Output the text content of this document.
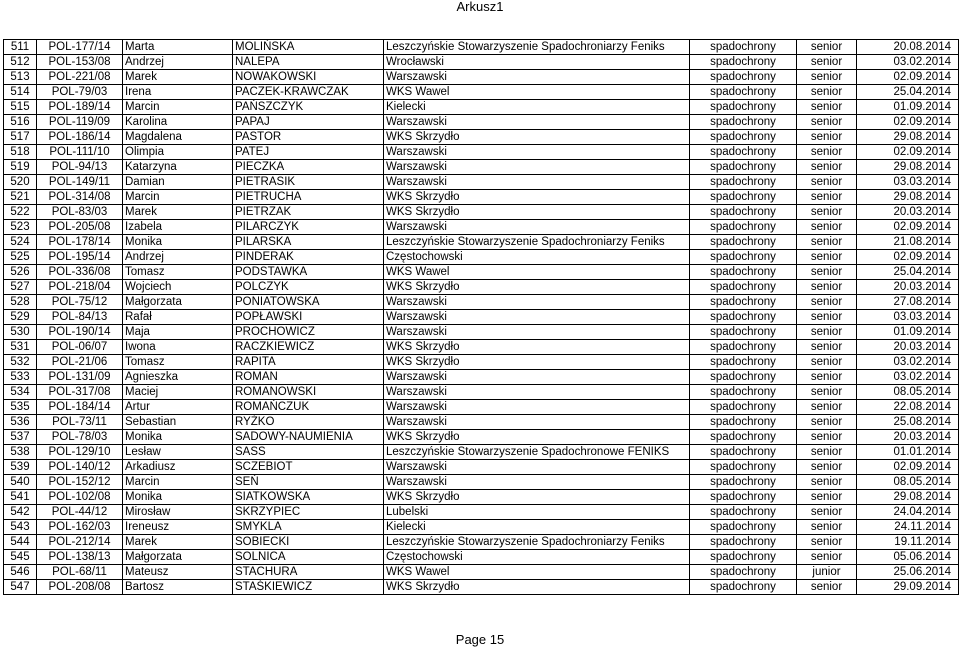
Arkusz1
511	POL-177/14	Marta	MOLIŃSKA	Leszczyńskie Stowarzyszenie Spadochroniarzy Feniks	spadochrony	senior	20.08.2014
512	POL-153/08	Andrzej	NALEPA	Wrocławski	spadochrony	senior	03.02.2014
513	POL-221/08	Marek	NOWAKOWSKI	Warszawski	spadochrony	senior	02.09.2014
514	POL-79/03	Irena	PACZEK-KRAWCZAK	WKS Wawel	spadochrony	senior	25.04.2014
515	POL-189/14	Marcin	PAŃSZCZYK	Kielecki	spadochrony	senior	01.09.2014
516	POL-119/09	Karolina	PAPAJ	Warszawski	spadochrony	senior	02.09.2014
517	POL-186/14	Magdalena	PASTOR	WKS Skrzydło	spadochrony	senior	29.08.2014
518	POL-111/10	Olimpia	PATEJ	Warszawski	spadochrony	senior	02.09.2014
519	POL-94/13	Katarzyna	PIECZKA	Warszawski	spadochrony	senior	29.08.2014
520	POL-149/11	Damian	PIETRASIK	Warszawski	spadochrony	senior	03.03.2014
521	POL-314/08	Marcin	PIETRUCHA	WKS Skrzydło	spadochrony	senior	29.08.2014
522	POL-83/03	Marek	PIETRZAK	WKS Skrzydło	spadochrony	senior	20.03.2014
523	POL-205/08	Izabela	PILARCZYK	Warszawski	spadochrony	senior	02.09.2014
524	POL-178/14	Monika	PILARSKA	Leszczyńskie Stowarzyszenie Spadochroniarzy Feniks	spadochrony	senior	21.08.2014
525	POL-195/14	Andrzej	PINDERAK	Częstochowski	spadochrony	senior	02.09.2014
526	POL-336/08	Tomasz	PODSTAWKA	WKS Wawel	spadochrony	senior	25.04.2014
527	POL-218/04	Wojciech	POLCZYK	WKS Skrzydło	spadochrony	senior	20.03.2014
528	POL-75/12	Małgorzata	PONIATOWSKA	Warszawski	spadochrony	senior	27.08.2014
529	POL-84/13	Rafał	POPŁAWSKI	Warszawski	spadochrony	senior	03.03.2014
530	POL-190/14	Maja	PROCHOWICZ	Warszawski	spadochrony	senior	01.09.2014
531	POL-06/07	Iwona	RACZKIEWICZ	WKS Skrzydło	spadochrony	senior	20.03.2014
532	POL-21/06	Tomasz	RAPITA	WKS Skrzydło	spadochrony	senior	03.02.2014
533	POL-131/09	Agnieszka	ROMAN	Warszawski	spadochrony	senior	03.02.2014
534	POL-317/08	Maciej	ROMANOWSKI	Warszawski	spadochrony	senior	08.05.2014
535	POL-184/14	Artur	ROMAŃCZUK	Warszawski	spadochrony	senior	22.08.2014
536	POL-73/11	Sebastian	RYŻKO	Warszawski	spadochrony	senior	25.08.2014
537	POL-78/03	Monika	SADOWY-NAUMIENIA	WKS Skrzydło	spadochrony	senior	20.03.2014
538	POL-129/10	Lesław	SASS	Leszczyńskie Stowarzyszenie Spadochronowe FENIKS	spadochrony	senior	01.01.2014
539	POL-140/12	Arkadiusz	SCZEBIOT	Warszawski	spadochrony	senior	02.09.2014
540	POL-152/12	Marcin	SEŃ	Warszawski	spadochrony	senior	08.05.2014
541	POL-102/08	Monika	SIATKOWSKA	WKS Skrzydło	spadochrony	senior	29.08.2014
542	POL-44/12	Mirosław	SKRZYPIEC	Lubelski	spadochrony	senior	24.04.2014
543	POL-162/03	Ireneusz	SMYKLA	Kielecki	spadochrony	senior	24.11.2014
544	POL-212/14	Marek	SOBIECKI	Leszczyńskie Stowarzyszenie Spadochroniarzy Feniks	spadochrony	senior	19.11.2014
545	POL-138/13	Małgorzata	SOLNICA	Częstochowski	spadochrony	senior	05.06.2014
546	POL-68/11	Mateusz	STACHURA	WKS Wawel	spadochrony	junior	25.06.2014
547	POL-208/08	Bartosz	STAŚKIEWICZ	WKS Skrzydło	spadochrony	senior	29.09.2014
Page 15
